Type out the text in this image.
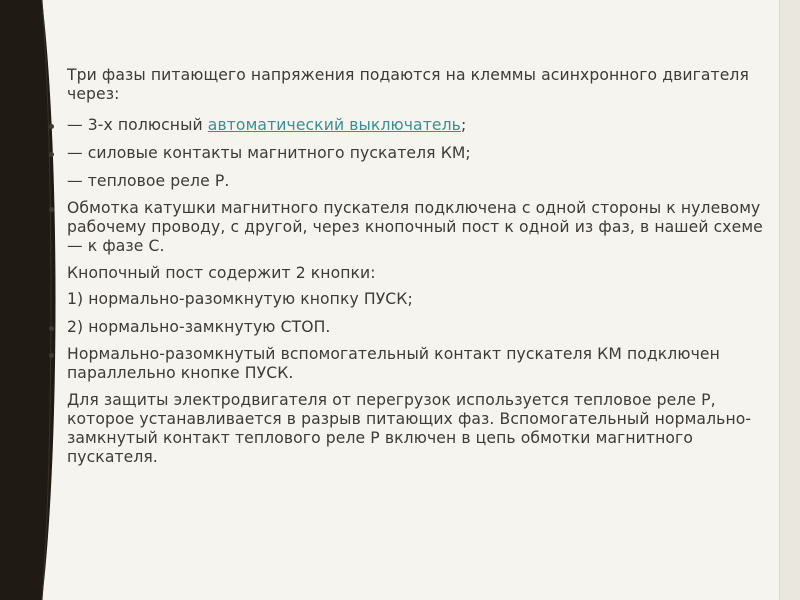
Три фазы питающего напряжения подаются на клеммы асинхронного двигателя через:
— 3-х полюсный автоматический выключатель;
— силовые контакты магнитного пускателя КМ;
— тепловое реле Р.
Обмотка катушки магнитного пускателя подключена с одной стороны к нулевому рабочему проводу, с другой, через кнопочный пост к одной из фаз, в нашей схеме — к фазе С.
Кнопочный пост содержит 2 кнопки:
1) нормально-разомкнутую кнопку ПУСК;
2) нормально-замкнутую СТОП.
Нормально-разомкнутый вспомогательный контакт пускателя КМ подключен параллельно кнопке ПУСК.
Для защиты электродвигателя от перегрузок используется тепловое реле Р, которое устанавливается в разрыв питающих фаз. Вспомогательный нормально-замкнутый контакт теплового реле Р включен в цепь обмотки магнитного пускателя.
